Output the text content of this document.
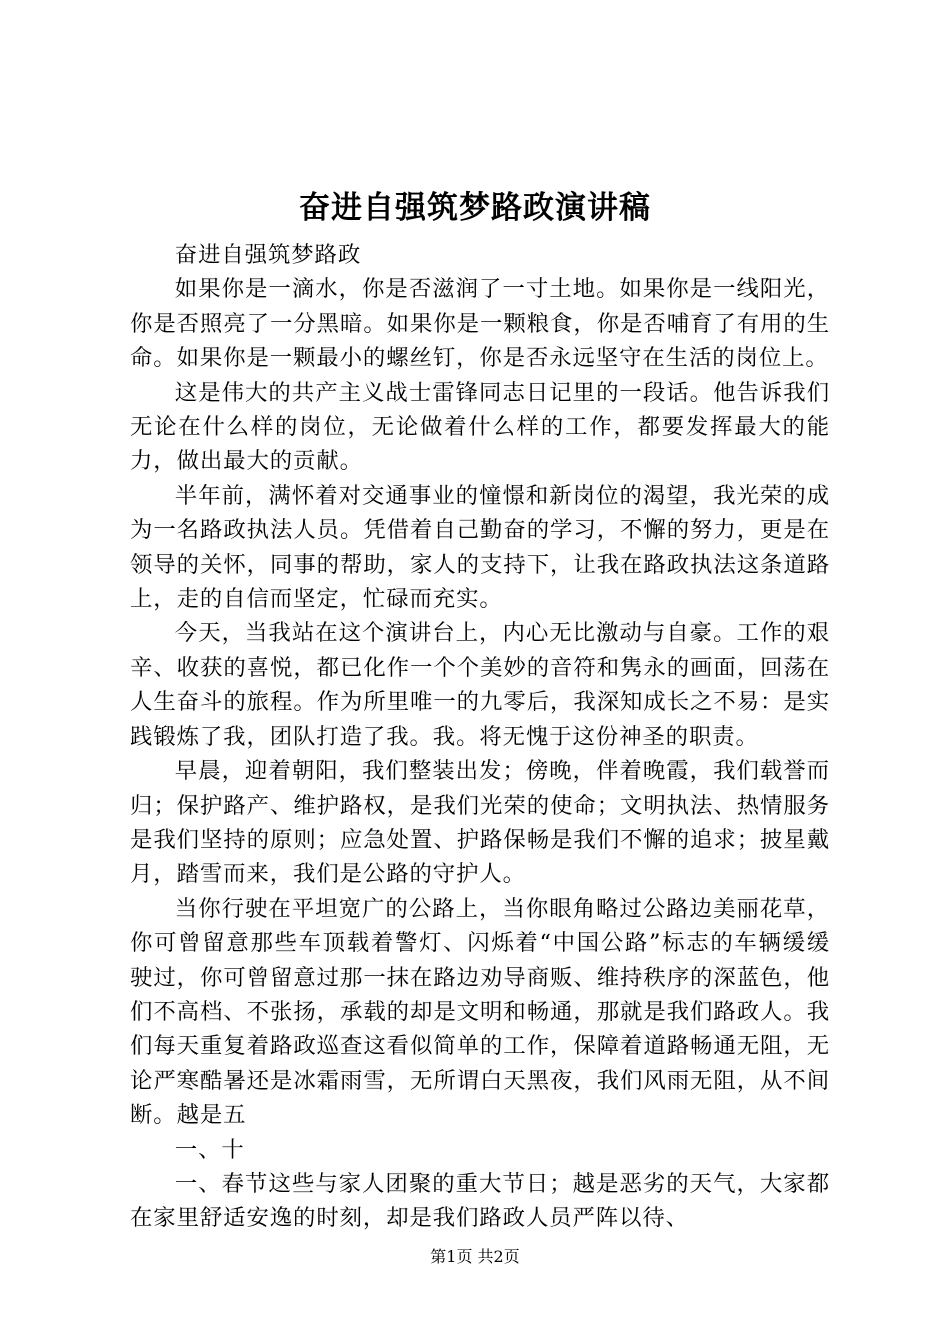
奋进自强筑梦路政演讲稿

奋进自强筑梦路政

如果你是一滴水，你是否滋润了一寸土地。如果你是一线阳光，你是否照亮了一分黑暗。如果你是一颗粮食，你是否哺育了有用的生命。如果你是一颗最小的螺丝钉，你是否永远坚守在生活的岗位上。

这是伟大的共产主义战士雷锋同志日记里的一段话。他告诉我们无论在什么样的岗位，无论做着什么样的工作，都要发挥最大的能力，做出最大的贡献。

半年前，满怀着对交通事业的憧憬和新岗位的渴望，我光荣的成为一名路政执法人员。凭借着自己勤奋的学习，不懈的努力，更是在领导的关怀，同事的帮助，家人的支持下，让我在路政执法这条道路上，走的自信而坚定，忙碌而充实。

今天，当我站在这个演讲台上，内心无比激动与自豪。工作的艰辛、收获的喜悦，都已化作一个个美妙的音符和隽永的画面，回荡在人生奋斗的旅程。作为所里唯一的九零后，我深知成长之不易：是实践锻炼了我，团队打造了我。我。将无愧于这份神圣的职责。

早晨，迎着朝阳，我们整装出发；傍晚，伴着晚霞，我们载誉而归；保护路产、维护路权，是我们光荣的使命；文明执法、热情服务是我们坚持的原则；应急处置、护路保畅是我们不懈的追求；披星戴月，踏雪而来，我们是公路的守护人。

当你行驶在平坦宽广的公路上，当你眼角略过公路边美丽花草，你可曾留意那些车顶载着警灯、闪烁着“中国公路”标志的车辆缓缓驶过，你可曾留意过那一抹在路边劝导商贩、维持秩序的深蓝色，他们不高档、不张扬，承载的却是文明和畅通，那就是我们路政人。我们每天重复着路政巡查这看似简单的工作，保障着道路畅通无阻，无论严寒酷暑还是冰霜雨雪，无所谓白天黑夜，我们风雨无阻，从不间断。越是五

一、十

一、春节这些与家人团聚的重大节日；越是恶劣的天气，大家都在家里舒适安逸的时刻，却是我们路政人员严阵以待、

第1页 共2页
